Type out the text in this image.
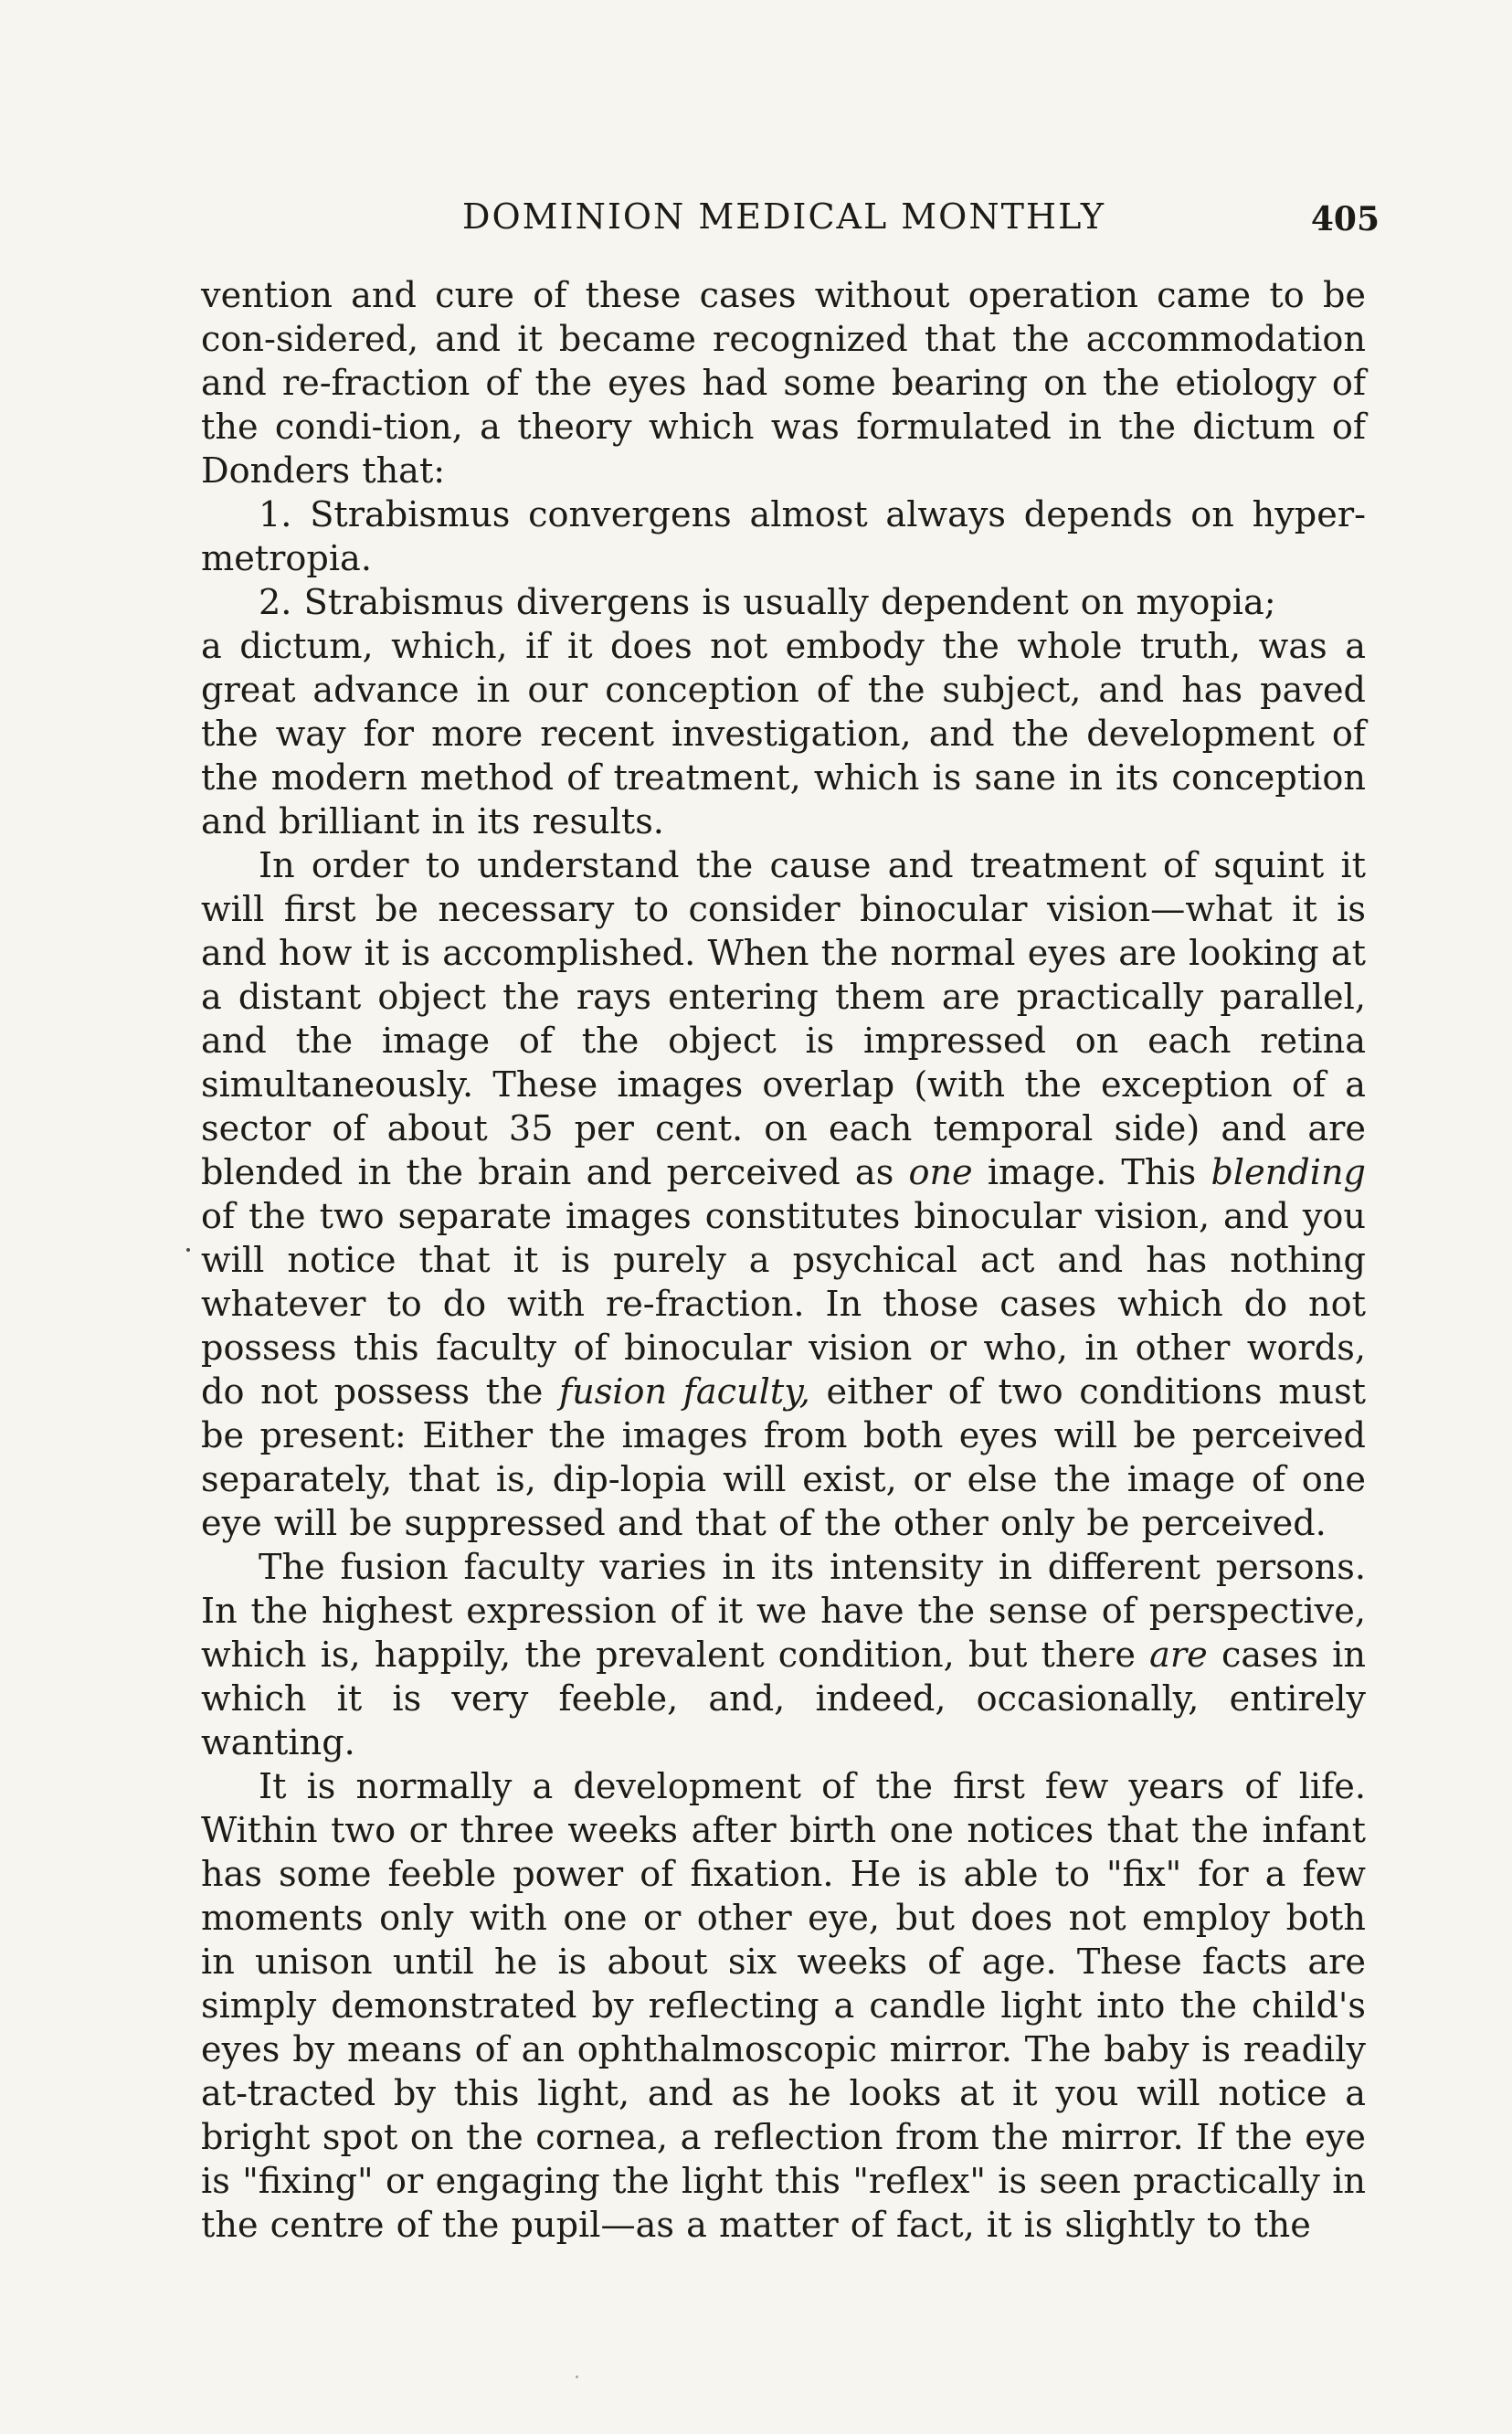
DOMINION MEDICAL MONTHLY	405

vention and cure of these cases without operation came to be con-sidered, and it became recognized that the accommodation and re-fraction of the eyes had some bearing on the etiology of the condi-tion, a theory which was formulated in the dictum of Donders that:

1. Strabismus convergens almost always depends on hyper-metropia.

2. Strabismus divergens is usually dependent on myopia;

a dictum, which, if it does not embody the whole truth, was a great advance in our conception of the subject, and has paved the way for more recent investigation, and the development of the modern method of treatment, which is sane in its conception and brilliant in its results.

In order to understand the cause and treatment of squint it will first be necessary to consider binocular vision—what it is and how it is accomplished. When the normal eyes are looking at a distant object the rays entering them are practically parallel, and the image of the object is impressed on each retina simultaneously. These images overlap (with the exception of a sector of about 35 per cent. on each temporal side) and are blended in the brain and perceived as one image. This blending of the two separate images constitutes binocular vision, and you will notice that it is purely a psychical act and has nothing whatever to do with re-fraction. In those cases which do not possess this faculty of binocular vision or who, in other words, do not possess the fusion faculty, either of two conditions must be present: Either the images from both eyes will be perceived separately, that is, dip-lopia will exist, or else the image of one eye will be suppressed and that of the other only be perceived.

The fusion faculty varies in its intensity in different persons. In the highest expression of it we have the sense of perspective, which is, happily, the prevalent condition, but there are cases in which it is very feeble, and, indeed, occasionally, entirely wanting.

It is normally a development of the first few years of life. Within two or three weeks after birth one notices that the infant has some feeble power of fixation. He is able to "fix" for a few moments only with one or other eye, but does not employ both in unison until he is about six weeks of age. These facts are simply demonstrated by reflecting a candle light into the child's eyes by means of an ophthalmoscopic mirror. The baby is readily at-tracted by this light, and as he looks at it you will notice a bright spot on the cornea, a reflection from the mirror. If the eye is "fixing" or engaging the light this "reflex" is seen practically in the centre of the pupil—as a matter of fact, it is slightly to the
